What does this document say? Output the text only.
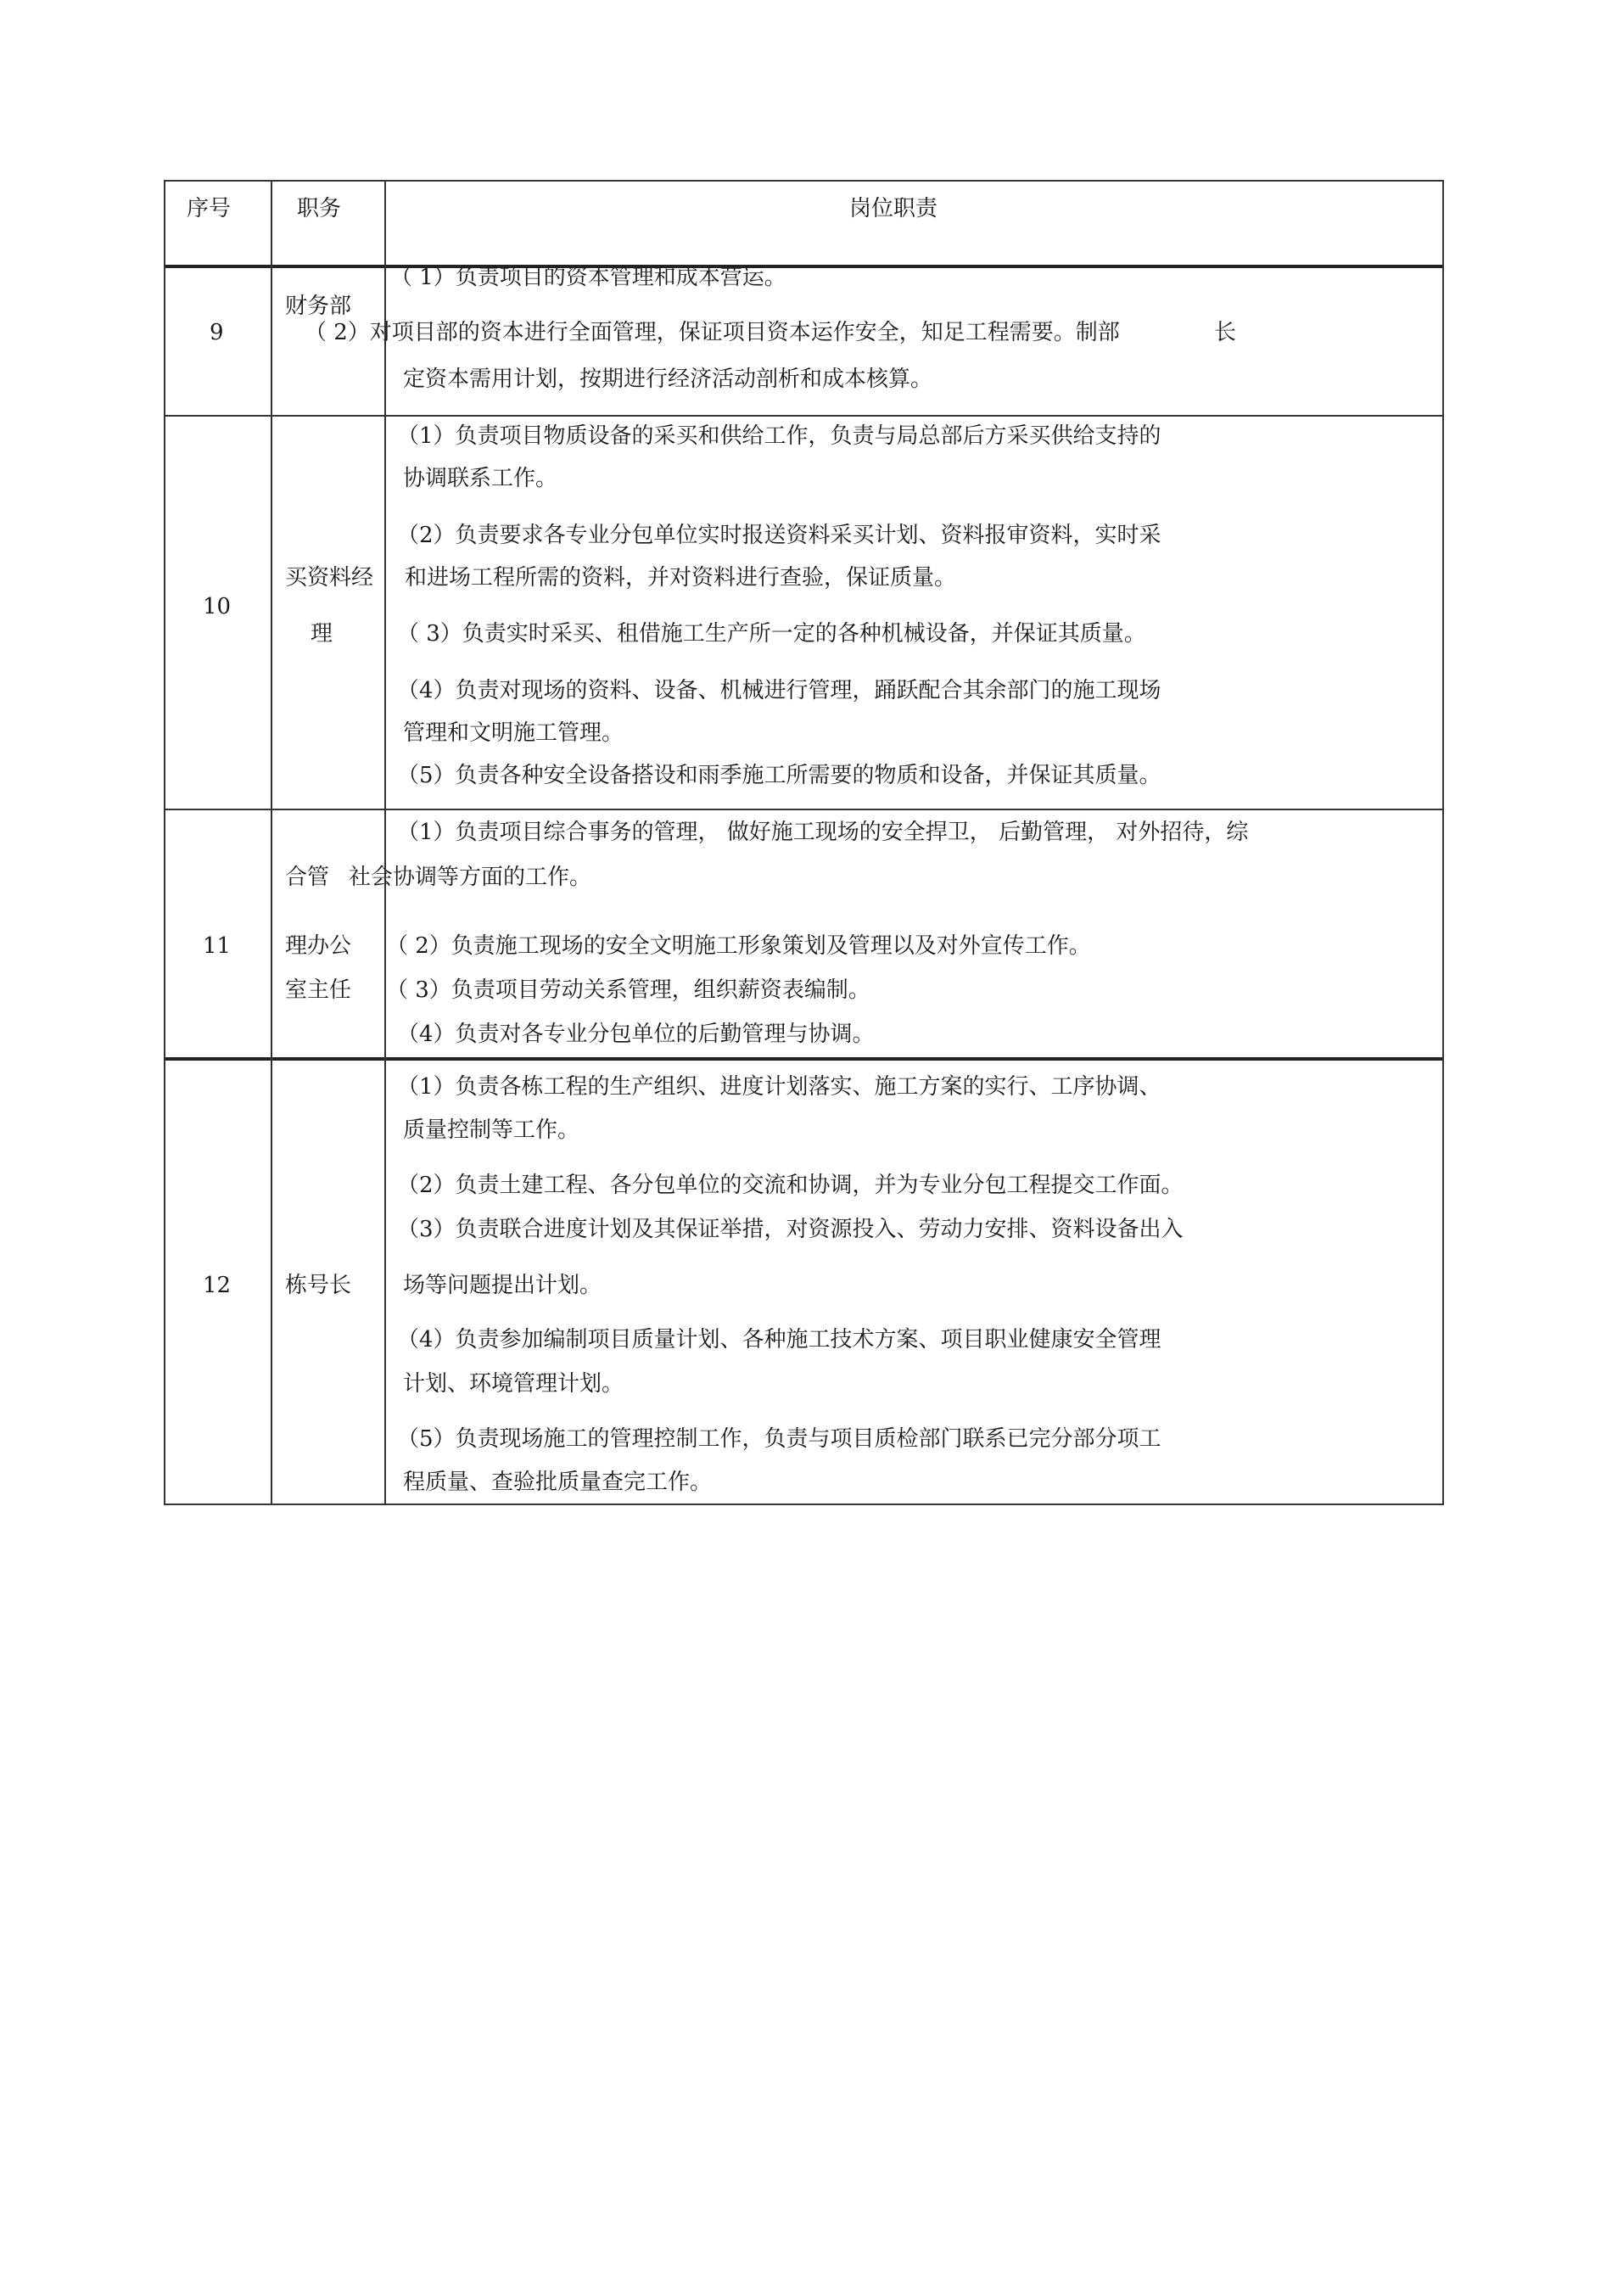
序号	职务	岗位职责
9
财务部
长
（ 1）负责项目的资本管理和成本营运。
（ 2）对项目部的资本进行全面管理，保证项目资本运作安全，知足工程需要。制部
定资本需用计划，按期进行经济活动剖析和成本核算。
10
买资料经
理
（1）负责项目物质设备的采买和供给工作，负责与局总部后方采买供给支持的
协调联系工作。
（2）负责要求各专业分包单位实时报送资料采买计划、资料报审资料，实时采
和进场工程所需的资料，并对资料进行查验，保证质量。
（ 3）负责实时采买、租借施工生产所一定的各种机械设备，并保证其质量。
（4）负责对现场的资料、设备、机械进行管理，踊跃配合其余部门的施工现场
管理和文明施工管理。
（5）负责各种安全设备搭设和雨季施工所需要的物质和设备，并保证其质量。
11
合管
理办公
室主任
（1）负责项目综合事务的管理， 做好施工现场的安全捍卫， 后勤管理， 对外招待，综
社会协调等方面的工作。
（ 2）负责施工现场的安全文明施工形象策划及管理以及对外宣传工作。
（ 3）负责项目劳动关系管理，组织薪资表编制。
（4）负责对各专业分包单位的后勤管理与协调。
12 栋号长
（1）负责各栋工程的生产组织、进度计划落实、施工方案的实行、工序协调、
质量控制等工作。
（2）负责土建工程、各分包单位的交流和协调，并为专业分包工程提交工作面。
（3）负责联合进度计划及其保证举措，对资源投入、劳动力安排、资料设备出入
场等问题提出计划。
（4）负责参加编制项目质量计划、各种施工技术方案、项目职业健康安全管理
计划、环境管理计划。
（5）负责现场施工的管理控制工作，负责与项目质检部门联系已完分部分项工
程质量、查验批质量查完工作。
